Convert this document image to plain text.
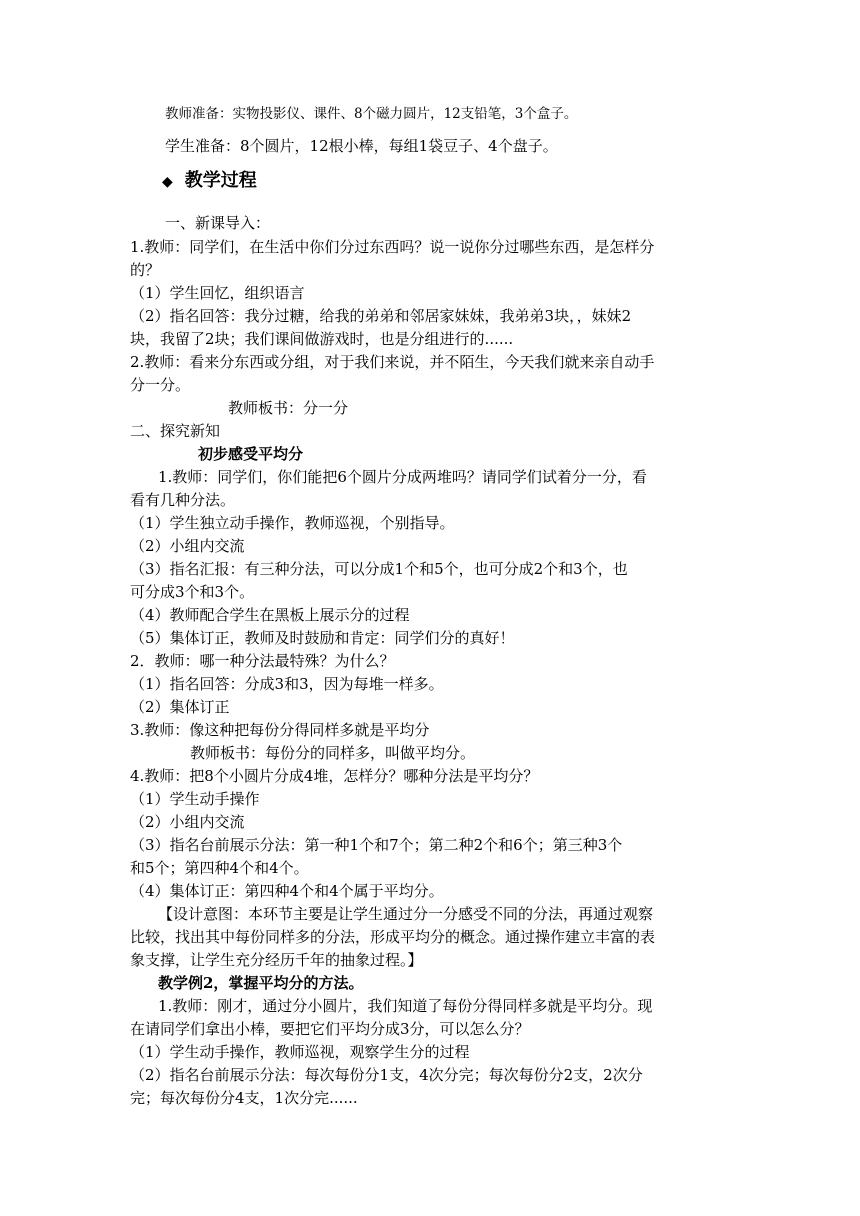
教师准备：实物投影仪、课件、8个磁力圆片，12支铅笔，3个盒子。
学生准备：8个圆片，12根小棒，每组1袋豆子、4个盘子。
◆ 教学过程
一、新课导入：
1.教师：同学们，在生活中你们分过东西吗？说一说你分过哪些东西，是怎样分
的？
（1）学生回忆，组织语言
（2）指名回答：我分过糖，给我的弟弟和邻居家妹妹，我弟弟3块，，妹妹2
块，我留了2块；我们课间做游戏时，也是分组进行的......
2.教师：看来分东西或分组，对于我们来说，并不陌生，今天我们就来亲自动手
分一分。
教师板书：分一分
二、探究新知
初步感受平均分
1.教师：同学们，你们能把6个圆片分成两堆吗？请同学们试着分一分，看
看有几种分法。
（1）学生独立动手操作，教师巡视，个别指导。
（2）小组内交流
（3）指名汇报：有三种分法，可以分成1个和5个，也可分成2个和3个，也
可分成3个和3个。
（4）教师配合学生在黑板上展示分的过程
（5）集体订正，教师及时鼓励和肯定：同学们分的真好！
2．教师：哪一种分法最特殊？为什么？
（1）指名回答：分成3和3，因为每堆一样多。
（2）集体订正
3.教师：像这种把每份分得同样多就是平均分
教师板书：每份分的同样多，叫做平均分。
4.教师：把8个小圆片分成4堆，怎样分？哪种分法是平均分？
（1）学生动手操作
（2）小组内交流
（3）指名台前展示分法：第一种1个和7个；第二种2个和6个；第三种3个
和5个；第四种4个和4个。
（4）集体订正：第四种4个和4个属于平均分。
【设计意图：本环节主要是让学生通过分一分感受不同的分法，再通过观察
比较，找出其中每份同样多的分法，形成平均分的概念。通过操作建立丰富的表
象支撑，让学生充分经历千年的抽象过程。】
教学例2，掌握平均分的方法。
1.教师：刚才，通过分小圆片，我们知道了每份分得同样多就是平均分。现
在请同学们拿出小棒，要把它们平均分成3分，可以怎么分？
（1）学生动手操作，教师巡视，观察学生分的过程
（2）指名台前展示分法：每次每份分1支，4次分完；每次每份分2支，2次分
完；每次每份分4支，1次分完......
